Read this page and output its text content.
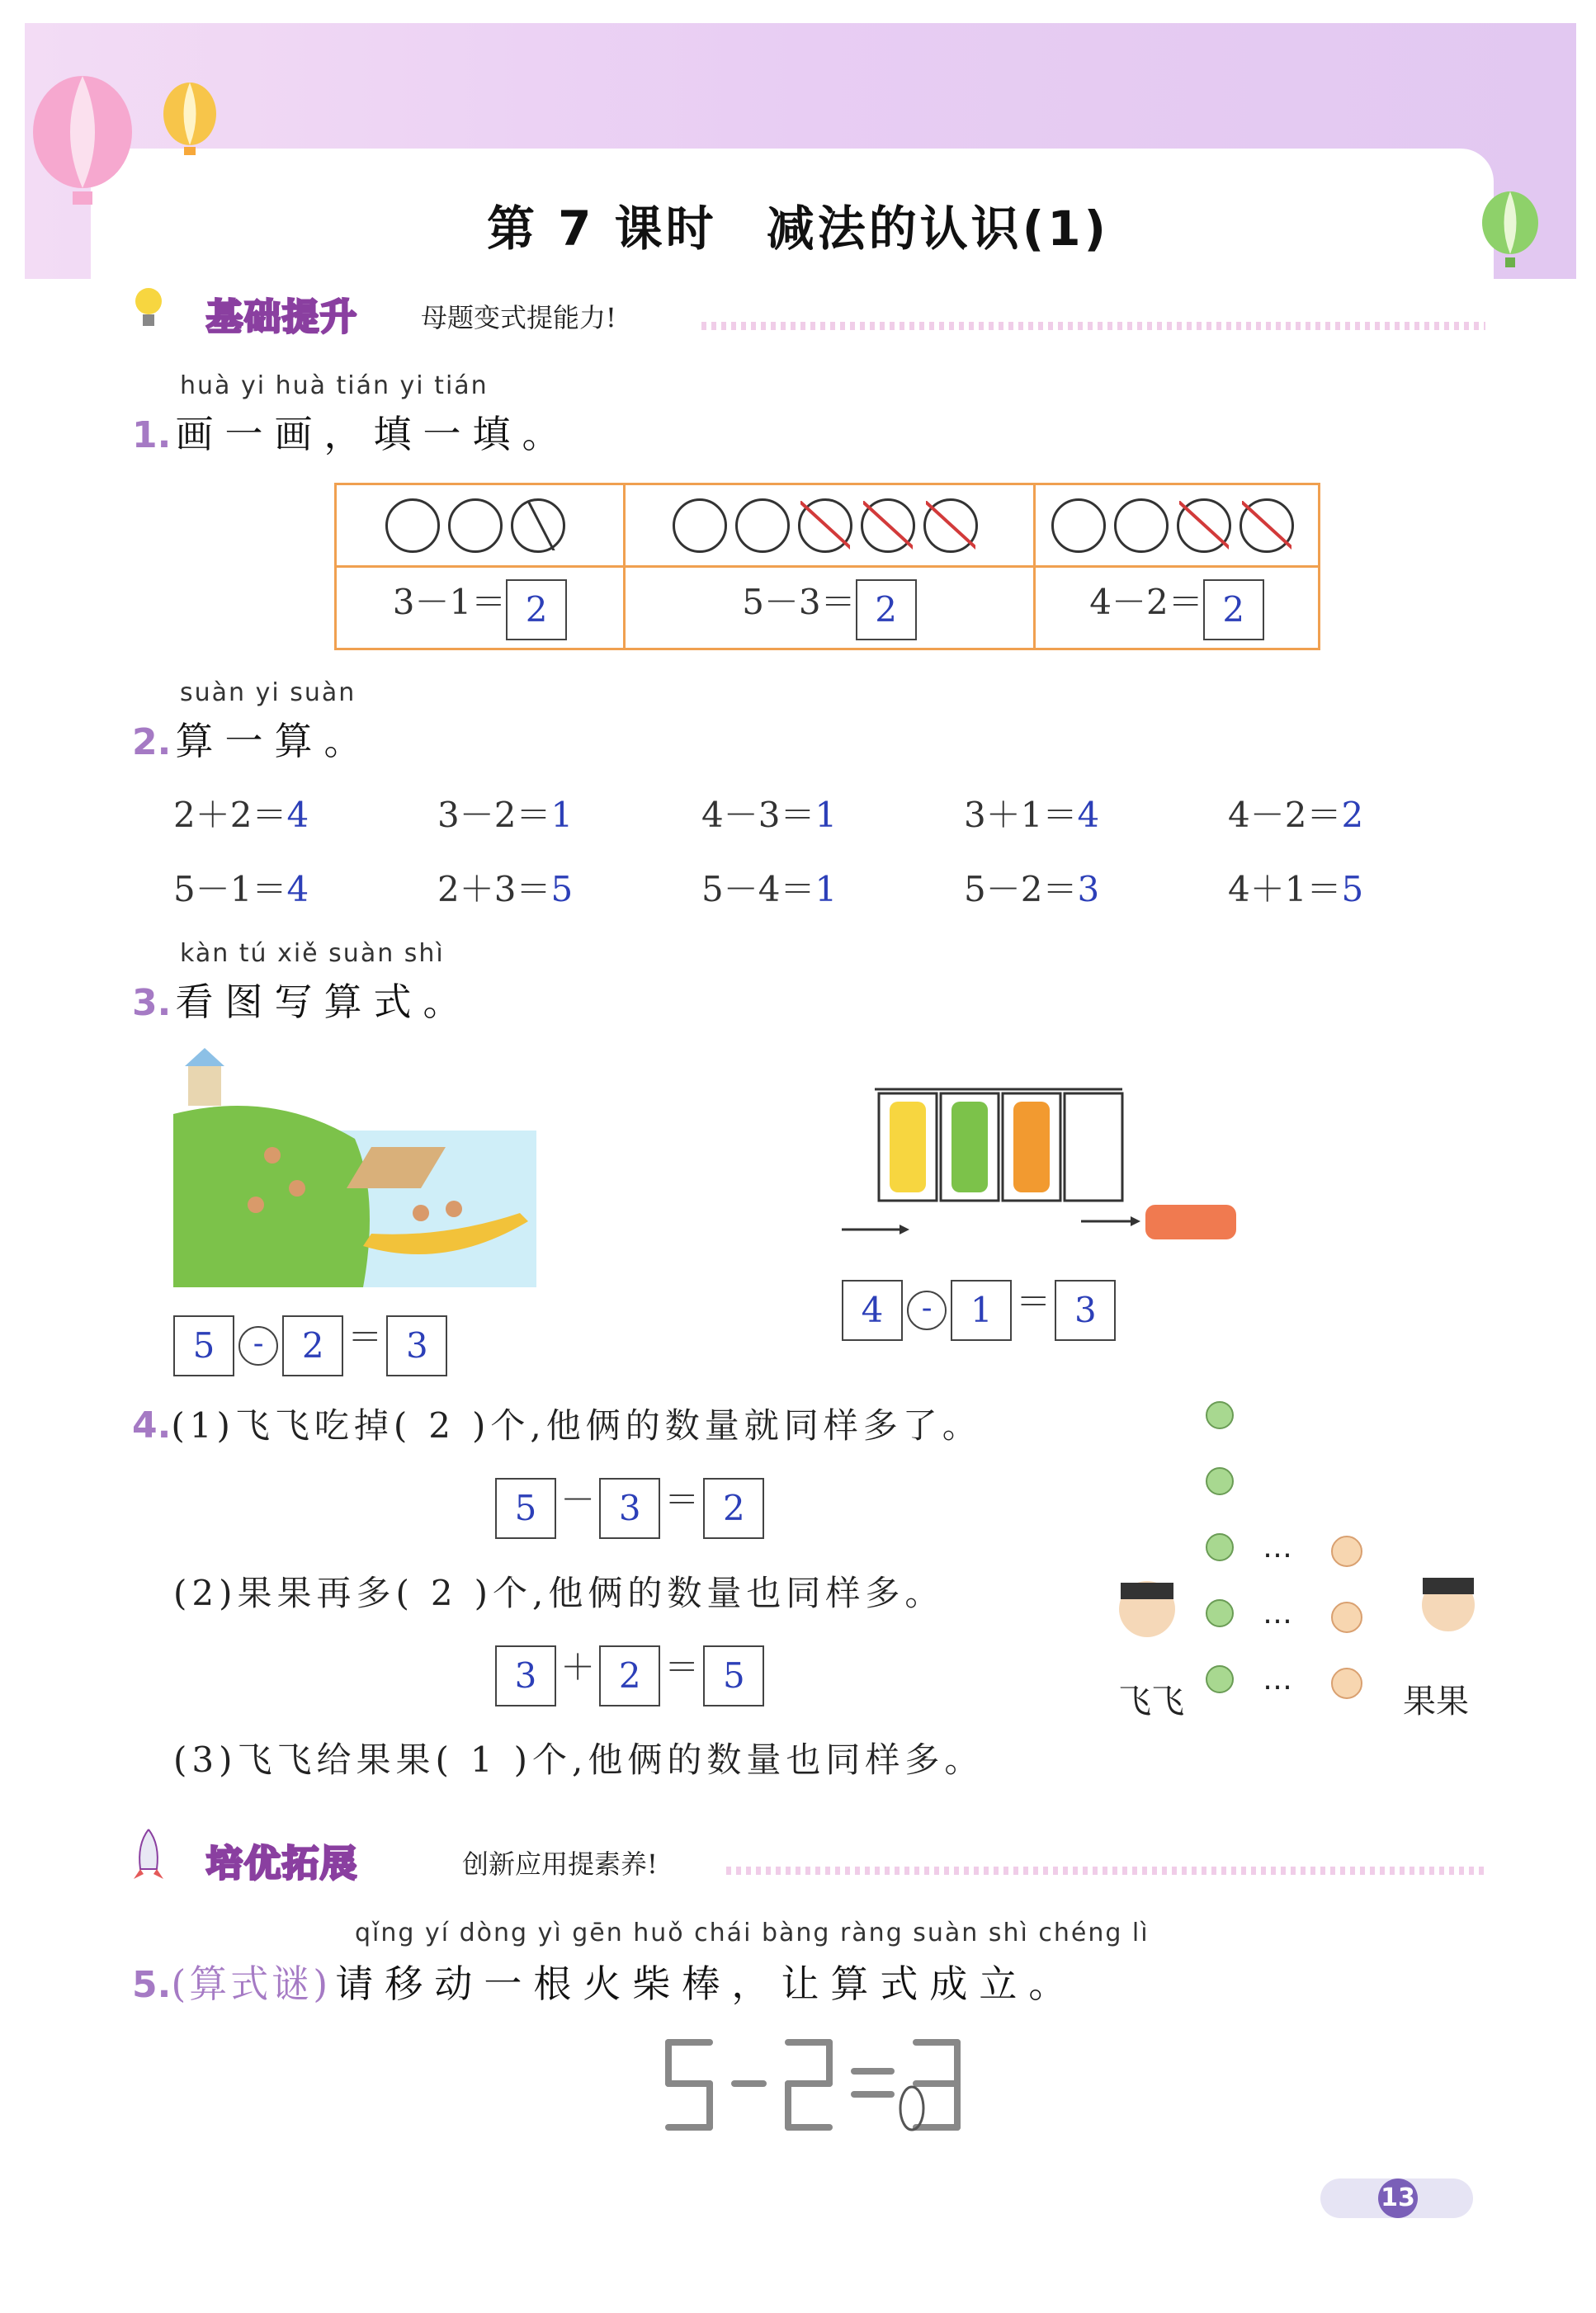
第 7 课时 减法的认识(1)
基础提升 母题变式提能力!
huà yi huà tián yi tián
1. 画一画，填一填。

3－1＝ 2	5－3＝ 2	4－2＝ 2
suàn yi suàn
2. 算一算。
2＋2＝4	3－2＝1	4－3＝1	3＋1＝4	4－2＝2
5－1＝4	2＋3＝5	5－4＝1	5－2＝3	4＋1＝5
kàn tú xiě suàn shì
3. 看图写算式。
5 - 2 ＝ 3
4 - 1 ＝ 3
4.(1)飞飞吃掉( 2 )个,他俩的数量就同样多了。
5 － 3 ＝ 2
(2)果果再多( 2 )个,他俩的数量也同样多。
3 ＋ 2 ＝ 5
(3)飞飞给果果( 1 )个,他俩的数量也同样多。
…
…
…
飞飞	果果
培优拓展	创新应用提素养!
qǐng yí dòng yì gēn huǒ chái bàng ràng suàn shì chéng lì
5.(算式谜) 请移动一根火柴棒，让算式成立。
13
